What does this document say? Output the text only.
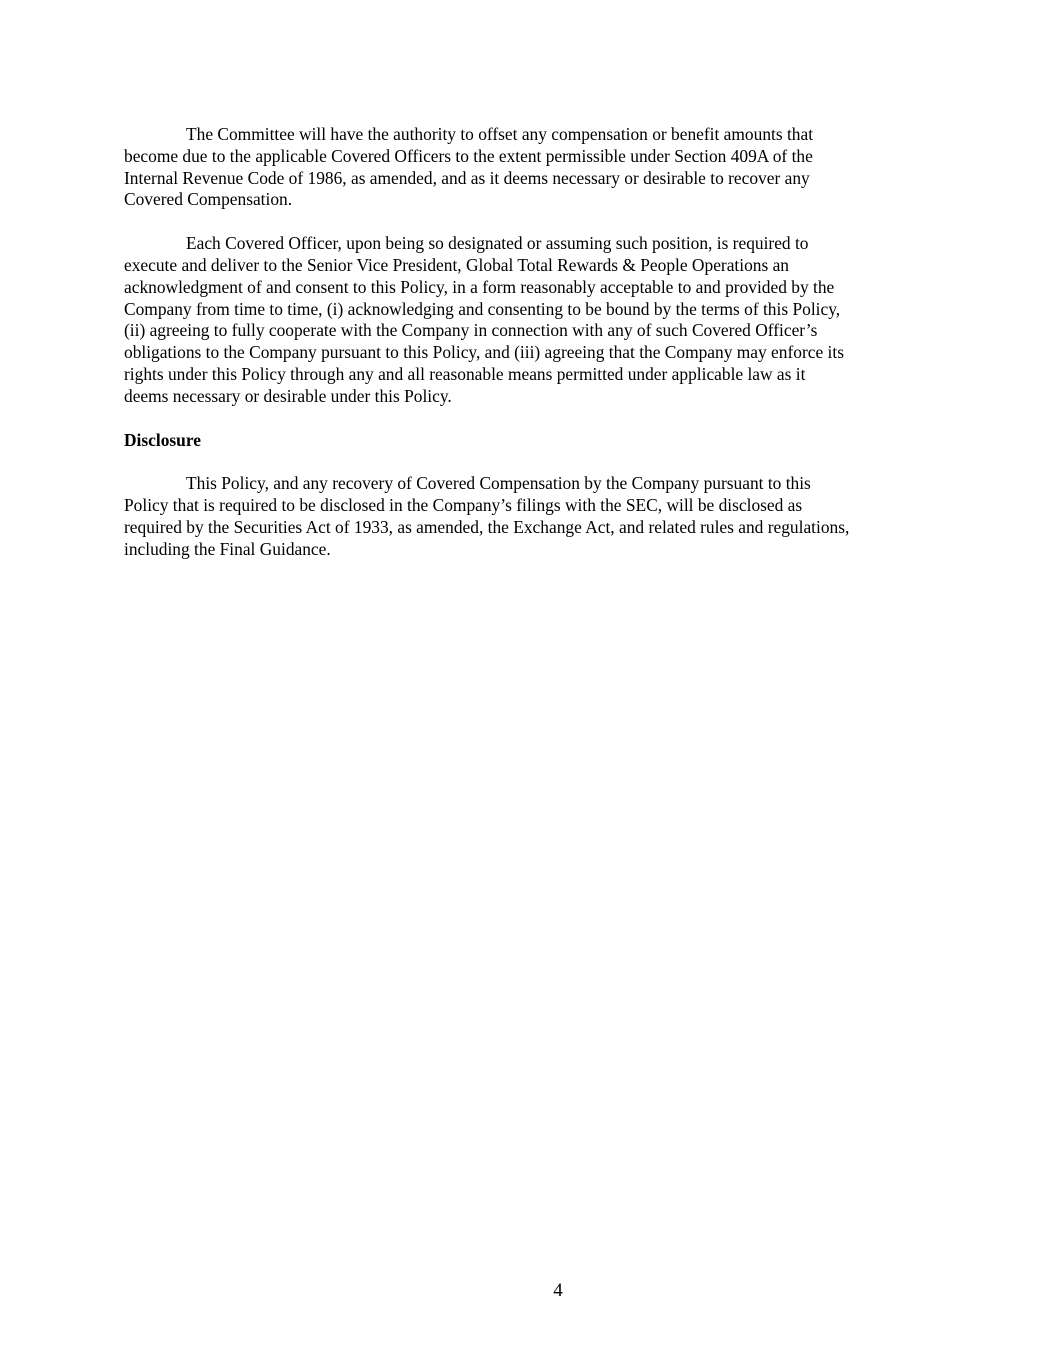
The Committee will have the authority to offset any compensation or benefit amounts that
become due to the applicable Covered Officers to the extent permissible under Section 409A of the
Internal Revenue Code of 1986, as amended, and as it deems necessary or desirable to recover any
Covered Compensation.

Each Covered Officer, upon being so designated or assuming such position, is required to
execute and deliver to the Senior Vice President, Global Total Rewards & People Operations an
acknowledgment of and consent to this Policy, in a form reasonably acceptable to and provided by the
Company from time to time, (i) acknowledging and consenting to be bound by the terms of this Policy,
(ii) agreeing to fully cooperate with the Company in connection with any of such Covered Officer’s
obligations to the Company pursuant to this Policy, and (iii) agreeing that the Company may enforce its
rights under this Policy through any and all reasonable means permitted under applicable law as it
deems necessary or desirable under this Policy.

Disclosure

This Policy, and any recovery of Covered Compensation by the Company pursuant to this
Policy that is required to be disclosed in the Company’s filings with the SEC, will be disclosed as
required by the Securities Act of 1933, as amended, the Exchange Act, and related rules and regulations,
including the Final Guidance.

4
